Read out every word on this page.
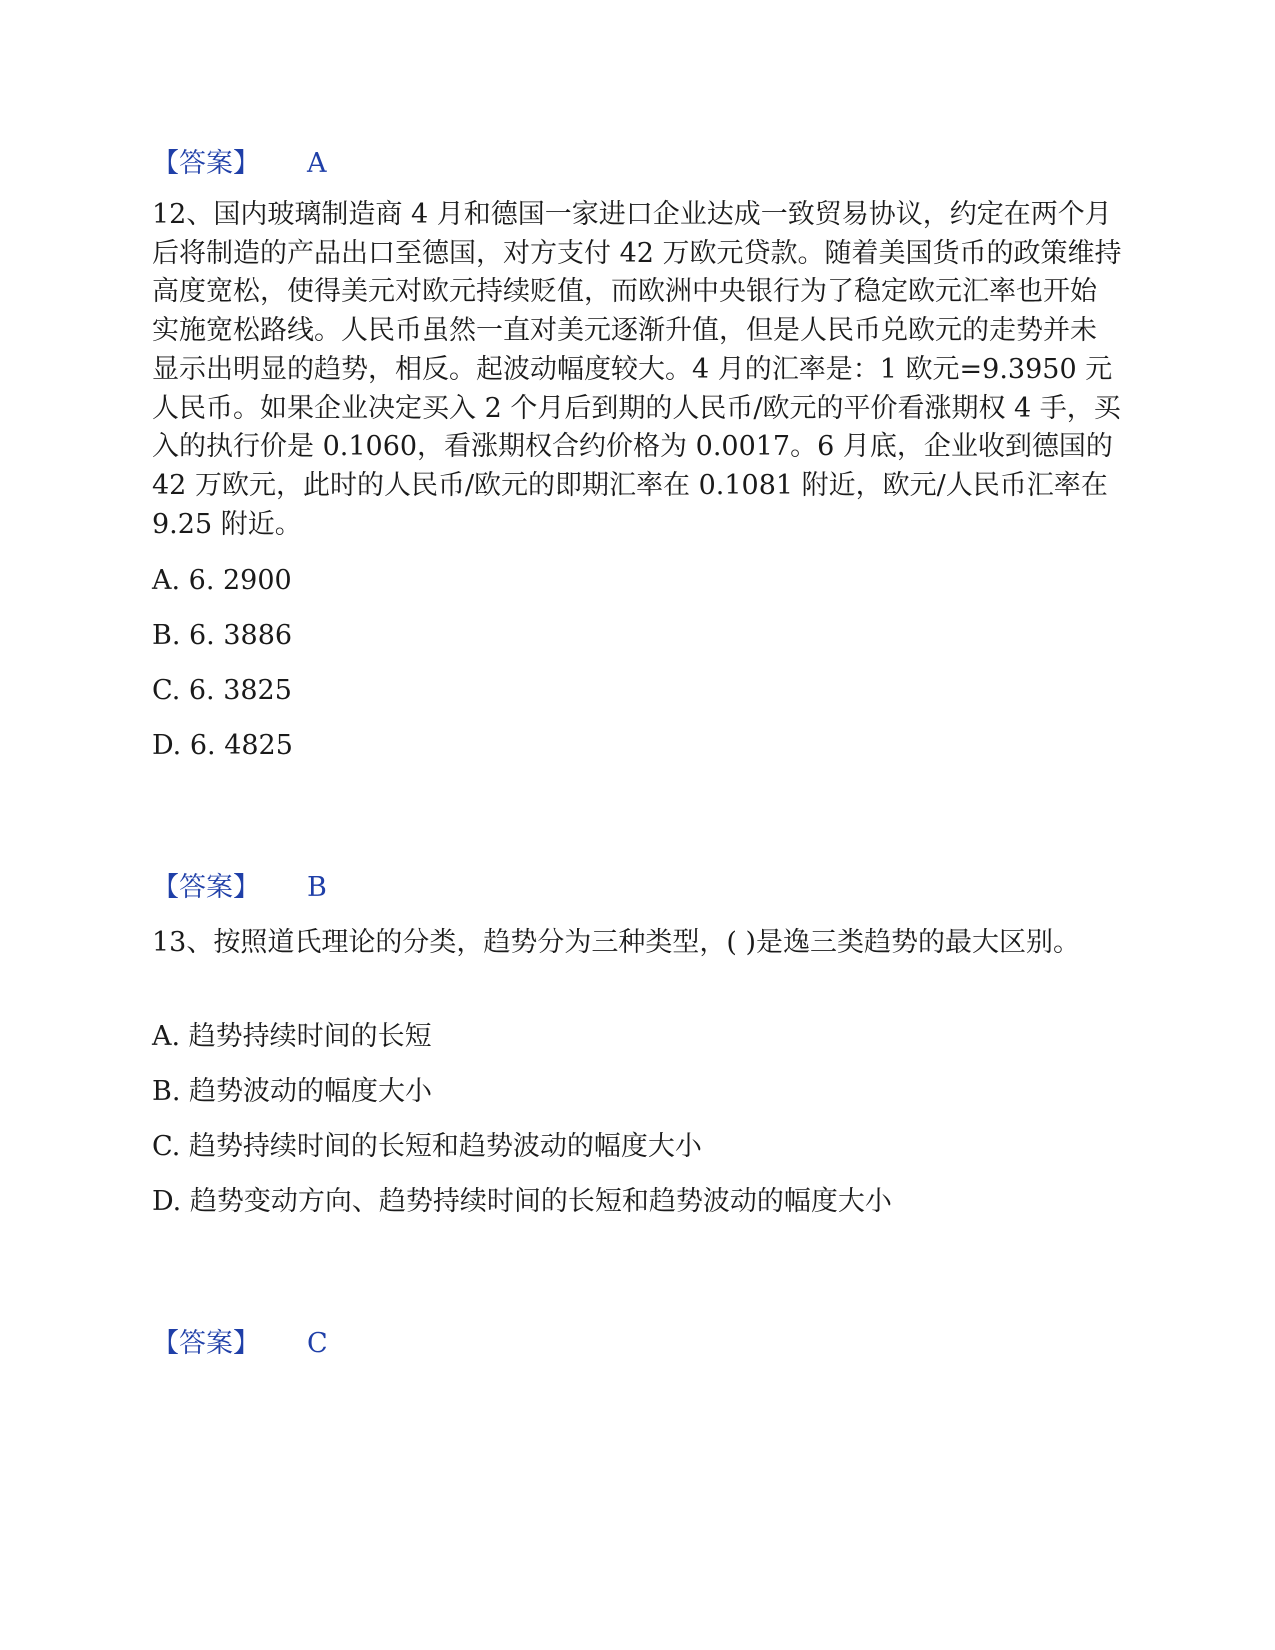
【答案】 A

12、国内玻璃制造商 4 月和德国一家进口企业达成一致贸易协议，约定在两个月后将制造的产品出口至德国，对方支付 42 万欧元贷款。随着美国货币的政策维持高度宽松，使得美元对欧元持续贬值，而欧洲中央银行为了稳定欧元汇率也开始实施宽松路线。人民币虽然一直对美元逐渐升值，但是人民币兑欧元的走势并未显示出明显的趋势，相反。起波动幅度较大。4 月的汇率是：1 欧元=9.3950 元人民币。如果企业决定买入 2 个月后到期的人民币/欧元的平价看涨期权 4 手，买入的执行价是 0.1060，看涨期权合约价格为 0.0017。6 月底，企业收到德国的 42 万欧元，此时的人民币/欧元的即期汇率在 0.1081 附近，欧元/人民币汇率在 9.25 附近。

A. 6. 2900

B. 6. 3886

C. 6. 3825

D. 6. 4825

【答案】 B

13、按照道氏理论的分类，趋势分为三种类型，( )是逸三类趋势的最大区别。

A. 趋势持续时间的长短

B. 趋势波动的幅度大小

C. 趋势持续时间的长短和趋势波动的幅度大小

D. 趋势变动方向、趋势持续时间的长短和趋势波动的幅度大小

【答案】 C
